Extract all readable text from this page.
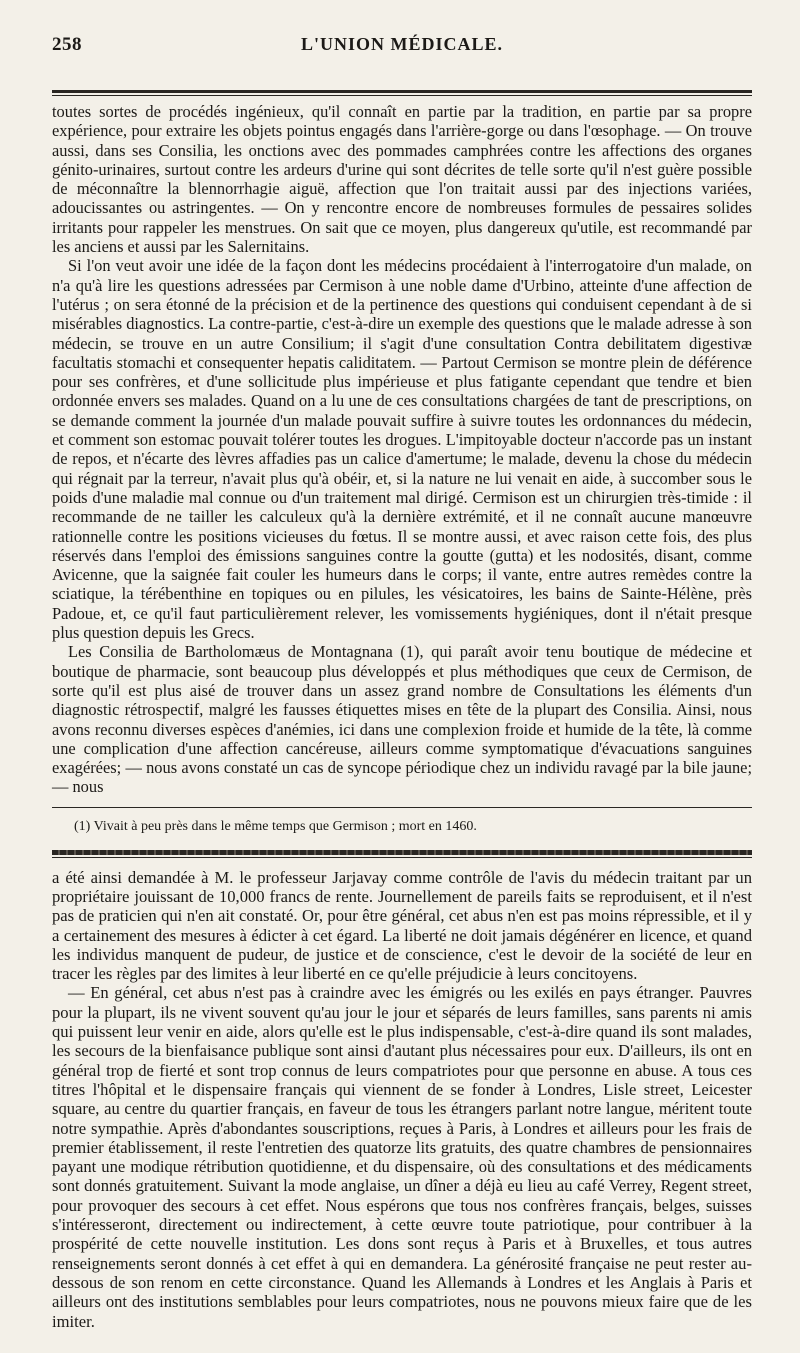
258	L'UNION MÉDICALE.

toutes sortes de procédés ingénieux, qu'il connaît en partie par la tradition, en partie par sa propre expérience, pour extraire les objets pointus engagés dans l'arrière-gorge ou dans l'œsophage. — On trouve aussi, dans ses Consilia, les onctions avec des pommades camphrées contre les affections des organes génito-urinaires, surtout contre les ardeurs d'urine qui sont décrites de telle sorte qu'il n'est guère possible de méconnaître la blennorrhagie aiguë, affection que l'on traitait aussi par des injections variées, adoucissantes ou astringentes. — On y rencontre encore de nombreuses formules de pessaires solides irritants pour rappeler les menstrues. On sait que ce moyen, plus dangereux qu'utile, est recommandé par les anciens et aussi par les Salernitains.

Si l'on veut avoir une idée de la façon dont les médecins procédaient à l'interrogatoire d'un malade, on n'a qu'à lire les questions adressées par Cermison à une noble dame d'Urbino, atteinte d'une affection de l'utérus ; on sera étonné de la précision et de la pertinence des questions qui conduisent cependant à de si misérables diagnostics. La contre-partie, c'est-à-dire un exemple des questions que le malade adresse à son médecin, se trouve en un autre Consilium; il s'agit d'une consultation Contra debilitatem digestivæ facultatis stomachi et consequenter hepatis caliditatem. — Partout Cermison se montre plein de déférence pour ses confrères, et d'une sollicitude plus impérieuse et plus fatigante cependant que tendre et bien ordonnée envers ses malades. Quand on a lu une de ces consultations chargées de tant de prescriptions, on se demande comment la journée d'un malade pouvait suffire à suivre toutes les ordonnances du médecin, et comment son estomac pouvait tolérer toutes les drogues. L'impitoyable docteur n'accorde pas un instant de repos, et n'écarte des lèvres affadies pas un calice d'amertume; le malade, devenu la chose du médecin qui régnait par la terreur, n'avait plus qu'à obéir, et, si la nature ne lui venait en aide, à succomber sous le poids d'une maladie mal connue ou d'un traitement mal dirigé. Cermison est un chirurgien très-timide : il recommande de ne tailler les calculeux qu'à la dernière extrémité, et il ne connaît aucune manœuvre rationnelle contre les positions vicieuses du fœtus. Il se montre aussi, et avec raison cette fois, des plus réservés dans l'emploi des émissions sanguines contre la goutte (gutta) et les nodosités, disant, comme Avicenne, que la saignée fait couler les humeurs dans le corps; il vante, entre autres remèdes contre la sciatique, la térébenthine en topiques ou en pilules, les vésicatoires, les bains de Sainte-Hélène, près Padoue, et, ce qu'il faut particulièrement relever, les vomissements hygiéniques, dont il n'était presque plus question depuis les Grecs.

Les Consilia de Bartholomæus de Montagnana (1), qui paraît avoir tenu boutique de médecine et boutique de pharmacie, sont beaucoup plus développés et plus méthodiques que ceux de Cermison, de sorte qu'il est plus aisé de trouver dans un assez grand nombre de Consultations les éléments d'un diagnostic rétrospectif, malgré les fausses étiquettes mises en tête de la plupart des Consilia. Ainsi, nous avons reconnu diverses espèces d'anémies, ici dans une complexion froide et humide de la tête, là comme une complication d'une affection cancéreuse, ailleurs comme symptomatique d'évacuations sanguines exagérées; — nous avons constaté un cas de syncope périodique chez un individu ravagé par la bile jaune; — nous

(1) Vivait à peu près dans le même temps que Germison ; mort en 1460.

a été ainsi demandée à M. le professeur Jarjavay comme contrôle de l'avis du médecin traitant par un propriétaire jouissant de 10,000 francs de rente. Journellement de pareils faits se reproduisent, et il n'est pas de praticien qui n'en ait constaté. Or, pour être général, cet abus n'en est pas moins répressible, et il y a certainement des mesures à édicter à cet égard. La liberté ne doit jamais dégénérer en licence, et quand les individus manquent de pudeur, de justice et de conscience, c'est le devoir de la société de leur en tracer les règles par des limites à leur liberté en ce qu'elle préjudicie à leurs concitoyens.

— En général, cet abus n'est pas à craindre avec les émigrés ou les exilés en pays étranger. Pauvres pour la plupart, ils ne vivent souvent qu'au jour le jour et séparés de leurs familles, sans parents ni amis qui puissent leur venir en aide, alors qu'elle est le plus indispensable, c'est-à-dire quand ils sont malades, les secours de la bienfaisance publique sont ainsi d'autant plus nécessaires pour eux. D'ailleurs, ils ont en général trop de fierté et sont trop connus de leurs compatriotes pour que personne en abuse. A tous ces titres l'hôpital et le dispensaire français qui viennent de se fonder à Londres, Lisle street, Leicester square, au centre du quartier français, en faveur de tous les étrangers parlant notre langue, méritent toute notre sympathie. Après d'abondantes souscriptions, reçues à Paris, à Londres et ailleurs pour les frais de premier établissement, il reste l'entretien des quatorze lits gratuits, des quatre chambres de pensionnaires payant une modique rétribution quotidienne, et du dispensaire, où des consultations et des médicaments sont donnés gratuitement. Suivant la mode anglaise, un dîner a déjà eu lieu au café Verrey, Regent street, pour provoquer des secours à cet effet. Nous espérons que tous nos confrères français, belges, suisses s'intéresseront, directement ou indirectement, à cette œuvre toute patriotique, pour contribuer à la prospérité de cette nouvelle institution. Les dons sont reçus à Paris et à Bruxelles, et tous autres renseignements seront donnés à cet effet à qui en demandera. La générosité française ne peut rester au-dessous de son renom en cette circonstance. Quand les Allemands à Londres et les Anglais à Paris et ailleurs ont des institutions semblables pour leurs compatriotes, nous ne pouvons mieux faire que de les imiter.
